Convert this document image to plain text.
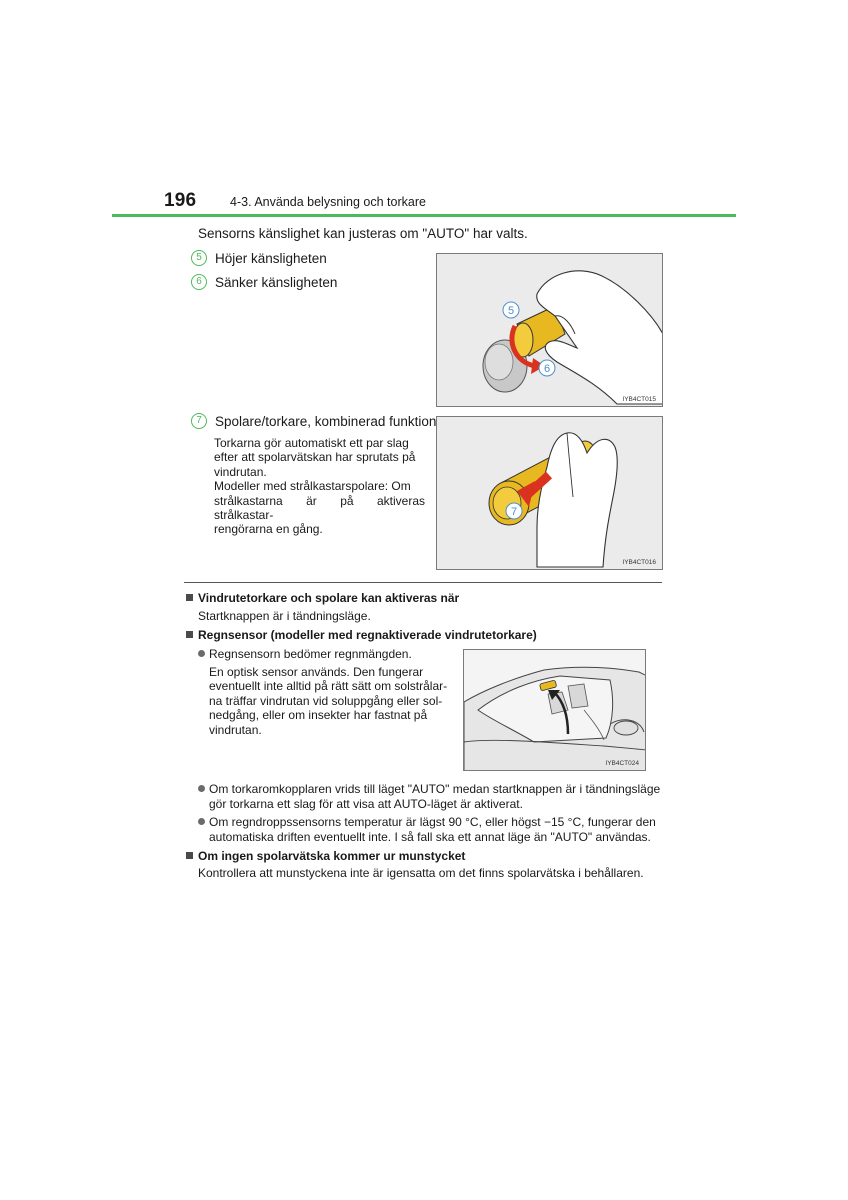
196	4-3. Använda belysning och torkare
Sensorns känslighet kan justeras om "AUTO" har valts.
5 Höjer känsligheten
6 Sänker känsligheten
5
6
IYB4CT015
7 Spolare/torkare, kombinerad funktion
Torkarna gör automatiskt ett par slag
efter att spolarvätskan har sprutats på
vindrutan.
Modeller med strålkastarspolare: Om
strålkastarna är på aktiveras strålkastar-
rengörarna en gång.
7
IYB4CT016
Vindrutetorkare och spolare kan aktiveras när
Startknappen är i tändningsläge.
Regnsensor (modeller med regnaktiverade vindrutetorkare)
Regnsensorn bedömer regnmängden.
En optisk sensor används. Den fungerar
eventuellt inte alltid på rätt sätt om solstrålar-
na träffar vindrutan vid soluppgång eller sol-
nedgång, eller om insekter har fastnat på
vindrutan.
IYB4CT024
Om torkaromkopplaren vrids till läget "AUTO" medan startknappen är i tändningsläge
gör torkarna ett slag för att visa att AUTO-läget är aktiverat.
Om regndroppssensorns temperatur är lägst 90 °C, eller högst −15 °C, fungerar den
automatiska driften eventuellt inte. I så fall ska ett annat läge än "AUTO" användas.
Om ingen spolarvätska kommer ur munstycket
Kontrollera att munstyckena inte är igensatta om det finns spolarvätska i behållaren.
